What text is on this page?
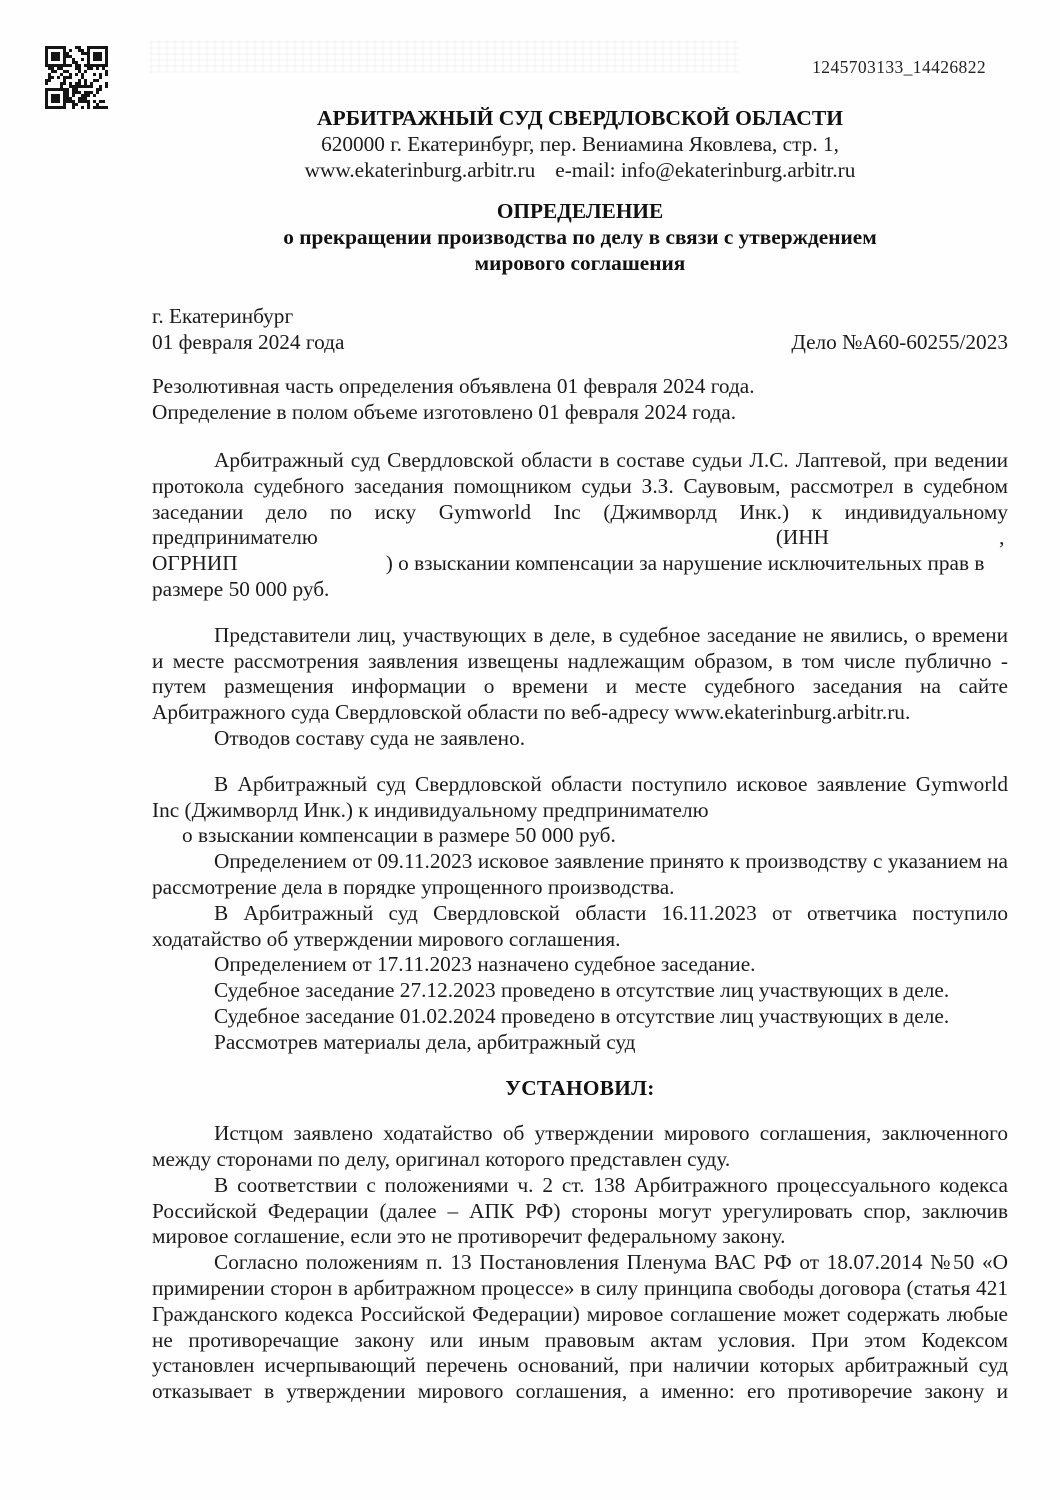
1245703133_14426822
АРБИТРАЖНЫЙ СУД СВЕРДЛОВСКОЙ ОБЛАСТИ
620000 г. Екатеринбург, пер. Вениамина Яковлева, стр. 1,
www.ekaterinburg.arbitr.ru e-mail: info@ekaterinburg.arbitr.ru
ОПРЕДЕЛЕНИЕ
о прекращении производства по делу в связи с утверждением
мирового соглашения
г. Екатеринбург
01 февраля 2024 года	Дело №А60-60255/2023
Резолютивная часть определения объявлена 01 февраля 2024 года.
Определение в полом объеме изготовлено 01 февраля 2024 года.
Арбитражный суд Свердловской области в составе судьи Л.С. Лаптевой, при ведении протокола судебного заседания помощником судьи З.З. Саувовым, рассмотрел в судебном заседании дело по иску Gymworld Inc (Джимворлд Инк.) к индивидуальному
предпринимателю	(ИНН	,
ОГРНИП	) о взыскании компенсации за нарушение исключительных прав в
размере 50 000 руб.
Представители лиц, участвующих в деле, в судебное заседание не явились, о времени и месте рассмотрения заявления извещены надлежащим образом, в том числе публично - путем размещения информации о времени и месте судебного заседания на сайте Арбитражного суда Свердловской области по веб-адресу www.ekaterinburg.arbitr.ru.
Отводов составу суда не заявлено.
В Арбитражный суд Свердловской области поступило исковое заявление Gymworld Inc (Джимворлд Инк.) к индивидуальному предпринимателю
о взыскании компенсации в размере 50 000 руб.
Определением от 09.11.2023 исковое заявление принято к производству с указанием на рассмотрение дела в порядке упрощенного производства.
В Арбитражный суд Свердловской области 16.11.2023 от ответчика поступило ходатайство об утверждении мирового соглашения.
Определением от 17.11.2023 назначено судебное заседание.
Судебное заседание 27.12.2023 проведено в отсутствие лиц участвующих в деле.
Судебное заседание 01.02.2024 проведено в отсутствие лиц участвующих в деле.
Рассмотрев материалы дела, арбитражный суд
УСТАНОВИЛ:
Истцом заявлено ходатайство об утверждении мирового соглашения, заключенного между сторонами по делу, оригинал которого представлен суду.
В соответствии с положениями ч. 2 ст. 138 Арбитражного процессуального кодекса Российской Федерации (далее – АПК РФ) стороны могут урегулировать спор, заключив мировое соглашение, если это не противоречит федеральному закону.
Согласно положениям п. 13 Постановления Пленума ВАС РФ от 18.07.2014 №50 «О примирении сторон в арбитражном процессе» в силу принципа свободы договора (статья 421 Гражданского кодекса Российской Федерации) мировое соглашение может содержать любые не противоречащие закону или иным правовым актам условия. При этом Кодексом установлен исчерпывающий перечень оснований, при наличии которых арбитражный суд отказывает в утверждении мирового соглашения, а именно: его противоречие закону и
